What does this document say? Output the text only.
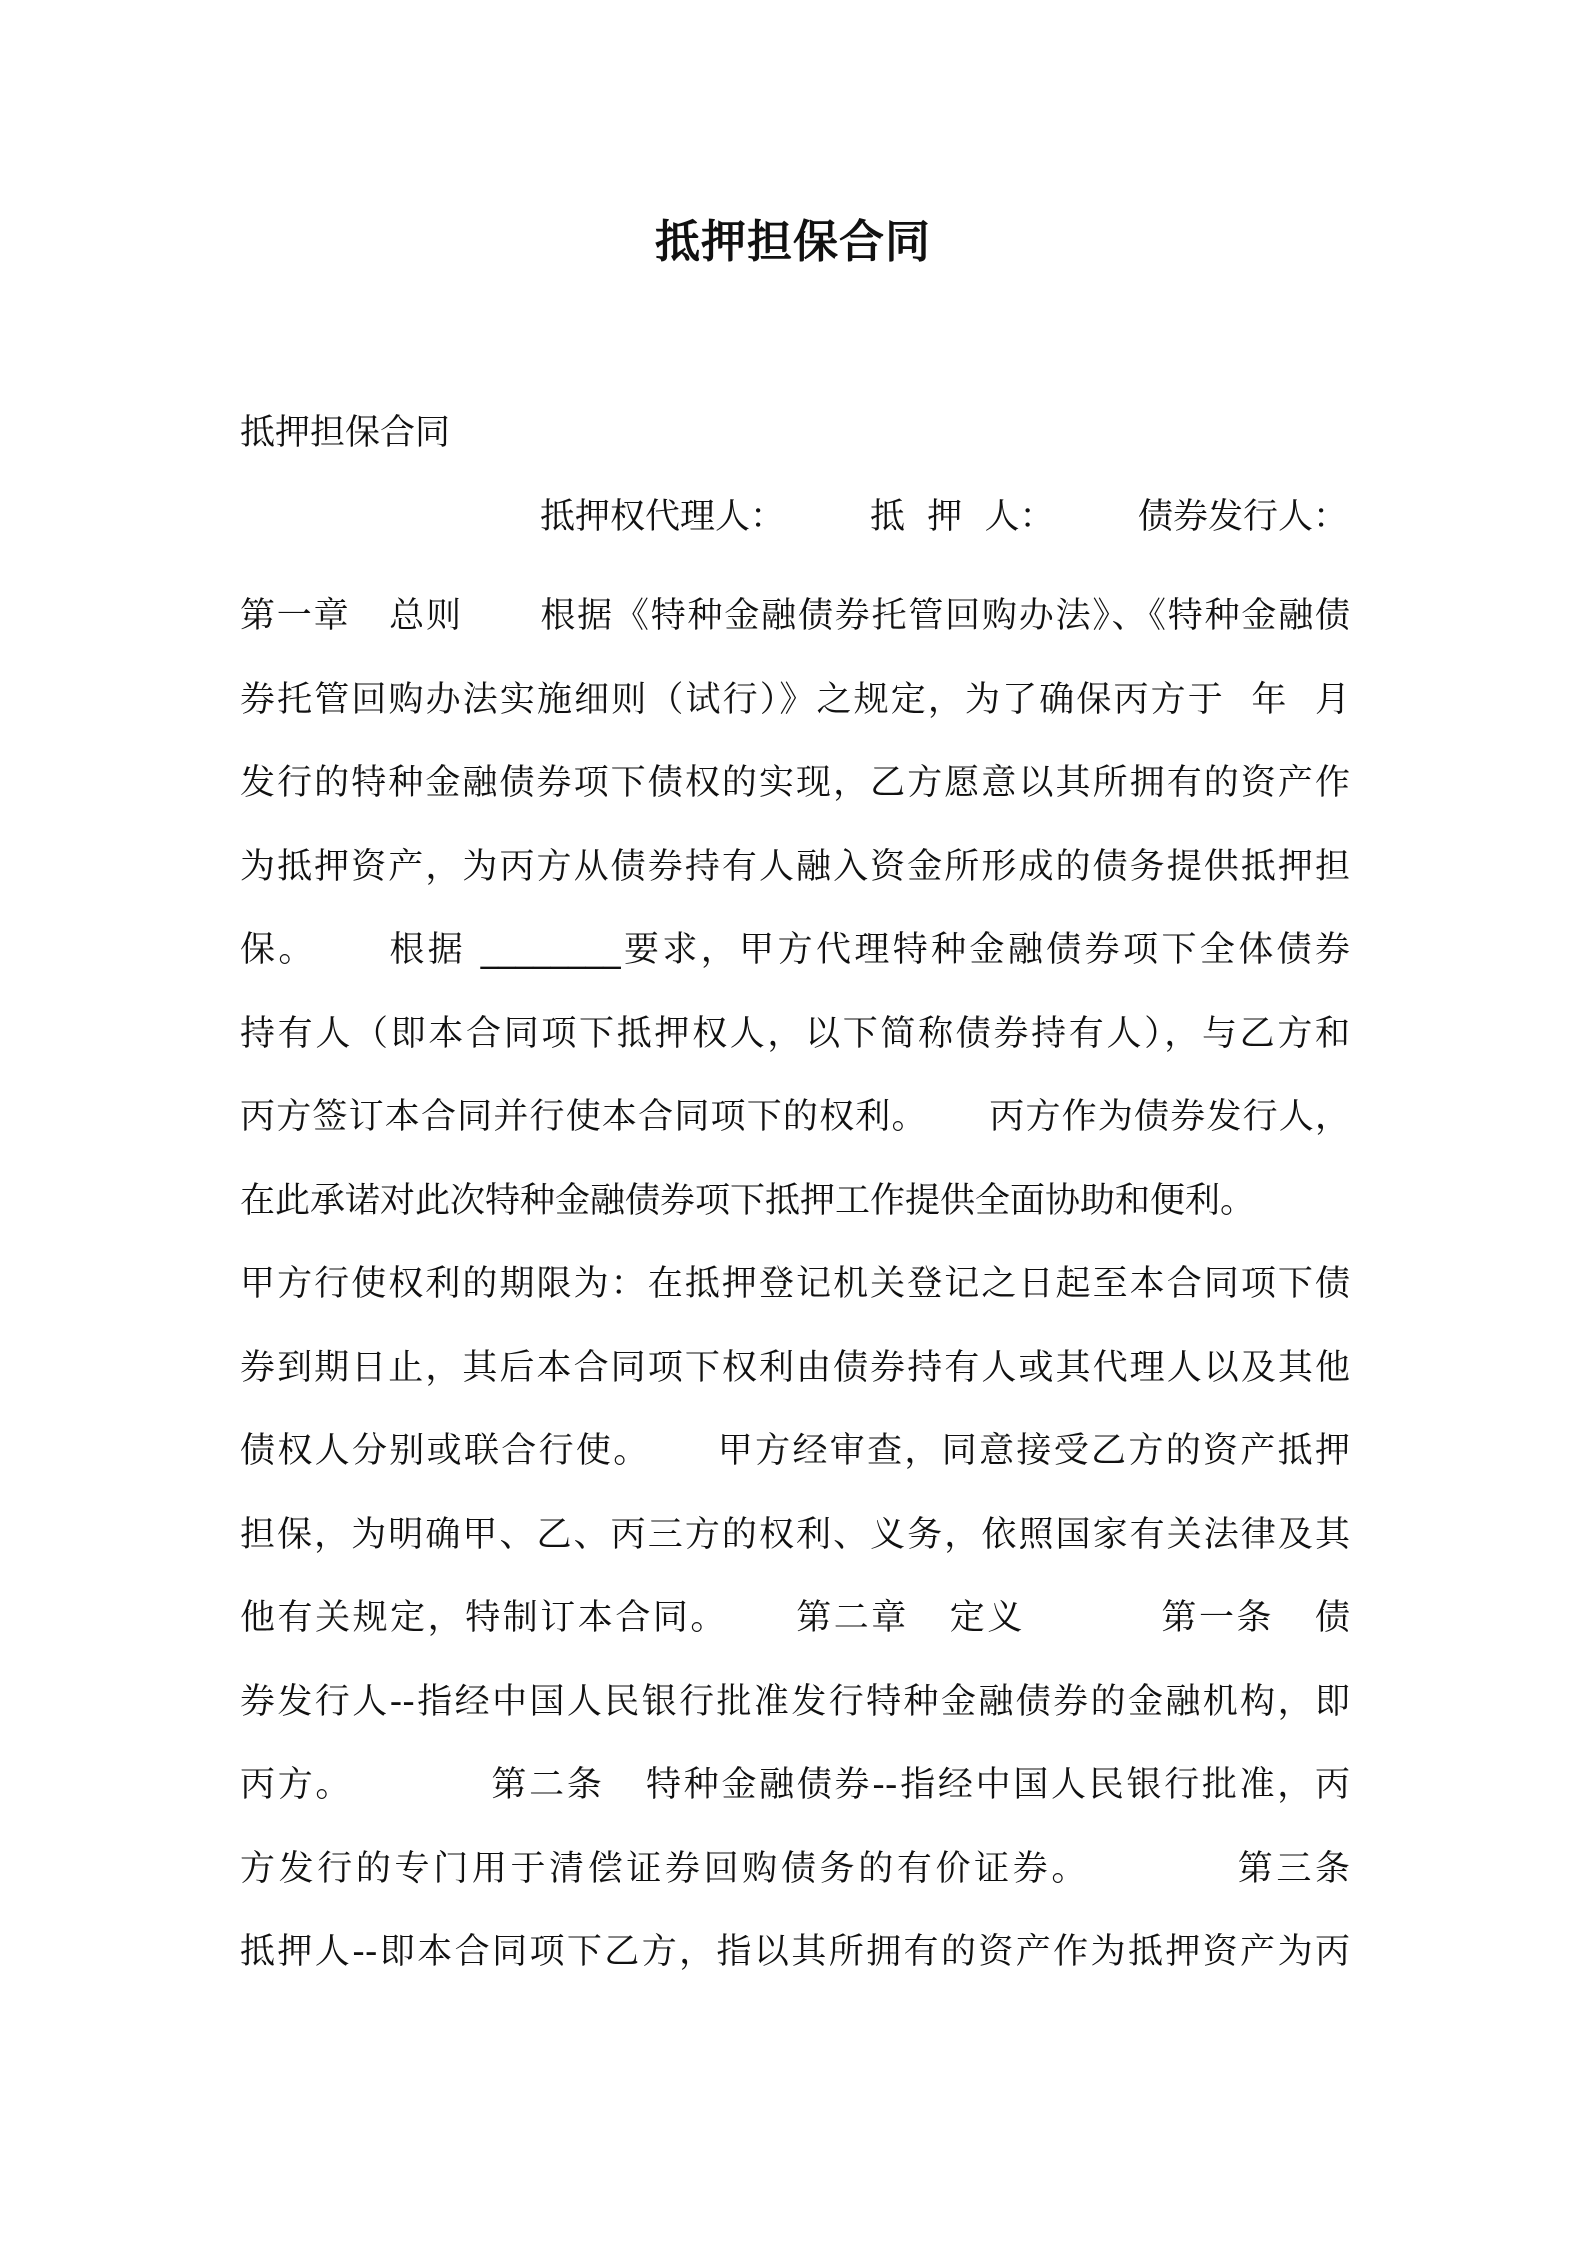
抵押担保合同
抵押担保合同
抵押权代理人： 抵  押  人： 债券发行人：
第一章   总则      根据《特种金融债券托管回购办法》、《特种金融债
券托管回购办法实施细则（试行）》之规定，为了确保丙方于  年  月
发行的特种金融债券项下债权的实现，乙方愿意以其所拥有的资产作
为抵押资产，为丙方从债券持有人融入资金所形成的债务提供抵押担
保。     根据 ________要求，甲方代理特种金融债券项下全体债券
持有人（即本合同项下抵押权人，以下简称债券持有人），与乙方和
丙方签订本合同并行使本合同项下的权利。     丙方作为债券发行人，
在此承诺对此次特种金融债券项下抵押工作提供全面协助和便利。
甲方行使权利的期限为：在抵押登记机关登记之日起至本合同项下债
券到期日止，其后本合同项下权利由债券持有人或其代理人以及其他
债权人分别或联合行使。     甲方经审查，同意接受乙方的资产抵押
担保，为明确甲、乙、丙三方的权利、义务，依照国家有关法律及其
他有关规定，特制订本合同。     第二章   定义          第一条   债
券发行人--指经中国人民银行批准发行特种金融债券的金融机构，即
丙方。          第二条   特种金融债券--指经中国人民银行批准，丙
方发行的专门用于清偿证券回购债务的有价证券。          第三条
抵押人--即本合同项下乙方，指以其所拥有的资产作为抵押资产为丙
